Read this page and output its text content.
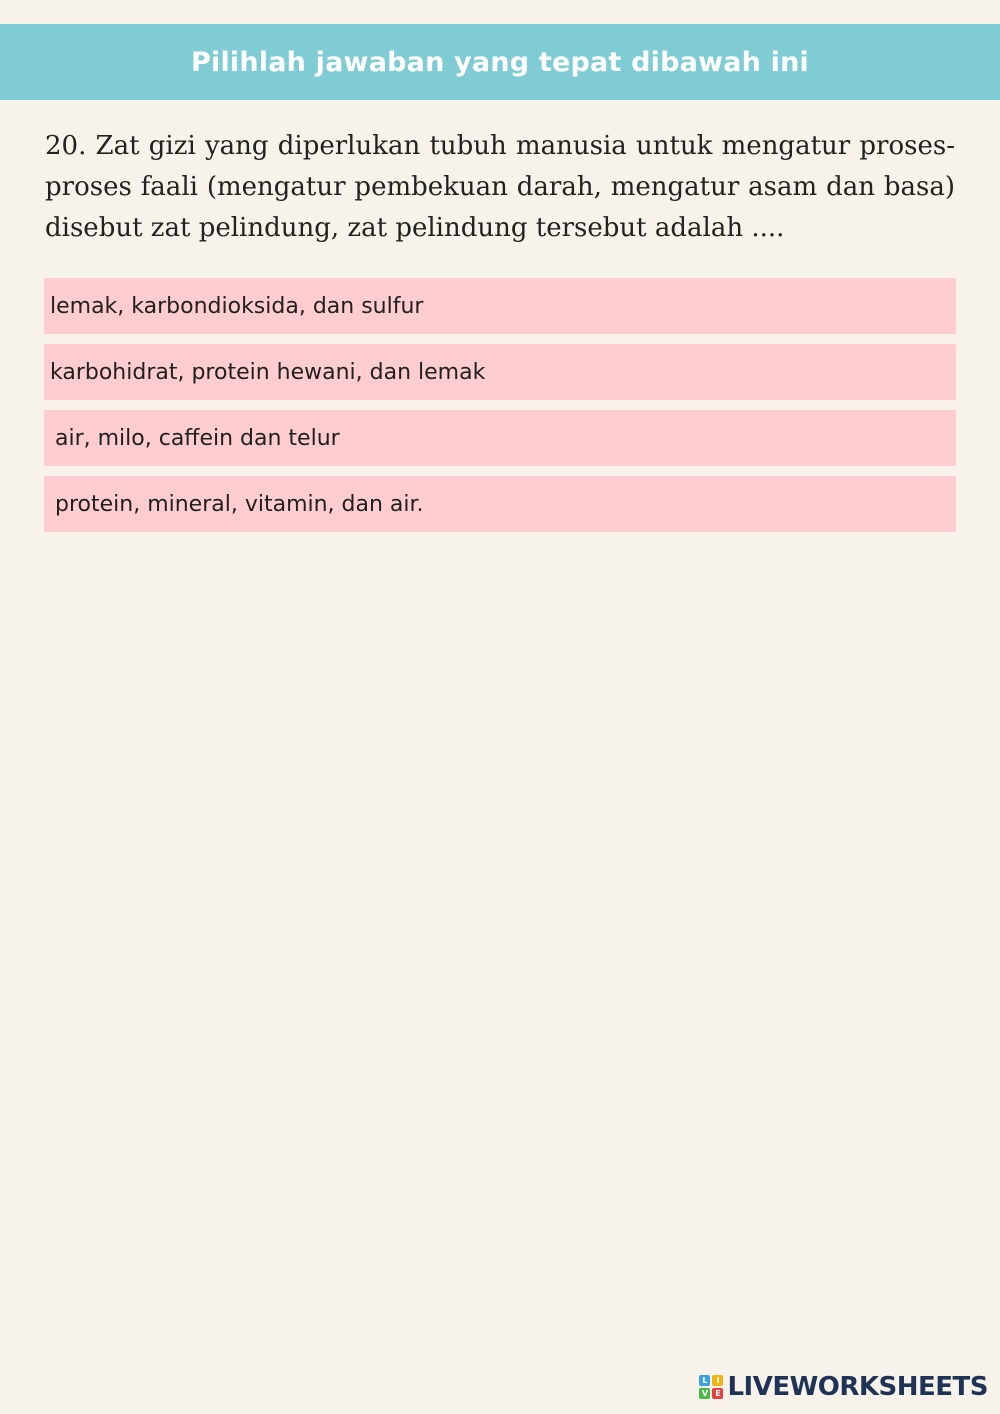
Pilihlah jawaban yang tepat dibawah ini
20. Zat gizi yang diperlukan tubuh manusia untuk mengatur proses-proses faali (mengatur pembekuan darah, mengatur asam dan basa) disebut zat pelindung, zat pelindung tersebut adalah ....
lemak, karbondioksida, dan sulfur
karbohidrat, protein hewani, dan lemak
air, milo, caffein dan telur
protein, mineral, vitamin, dan air.
L	I
V E LIVEWORKSHEETS
